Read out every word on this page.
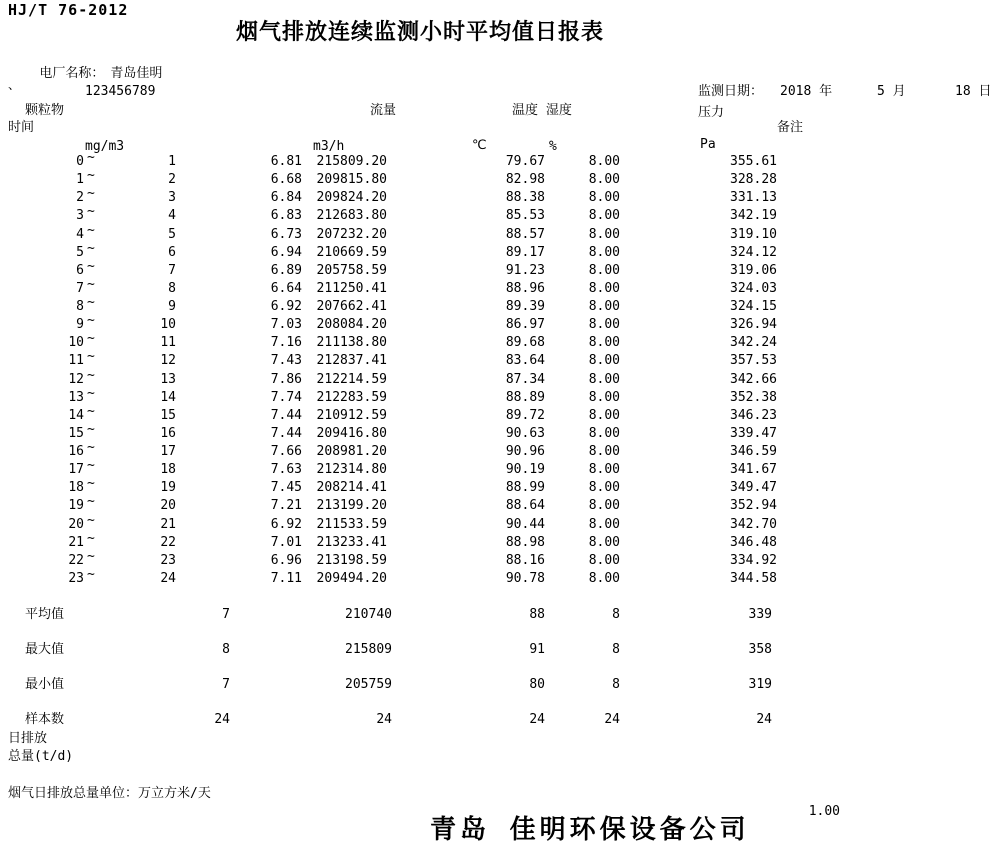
HJ/T 76-2012
烟气排放连续监测小时平均值日报表

电厂名称： 青岛佳明

、	123456789	监测日期： 2018 年	5 月	18 日
颗粒物	流量	温度 湿度	压力
时间	备注
mg/m3	m3/h	℃	%	Pa
0 ~	1	6.81	215809.20	79.67	8.00	355.61
1 ~	2	6.68	209815.80	82.98	8.00	328.28
2 ~	3	6.84	209824.20	88.38	8.00	331.13
3 ~	4	6.83	212683.80	85.53	8.00	342.19
4 ~	5	6.73	207232.20	88.57	8.00	319.10
5 ~	6	6.94	210669.59	89.17	8.00	324.12
6 ~	7	6.89	205758.59	91.23	8.00	319.06
7 ~	8	6.64	211250.41	88.96	8.00	324.03
8 ~	9	6.92	207662.41	89.39	8.00	324.15
9 ~	10	7.03	208084.20	86.97	8.00	326.94
10 ~	11	7.16	211138.80	89.68	8.00	342.24
11 ~	12	7.43	212837.41	83.64	8.00	357.53
12 ~	13	7.86	212214.59	87.34	8.00	342.66
13 ~	14	7.74	212283.59	88.89	8.00	352.38
14 ~	15	7.44	210912.59	89.72	8.00	346.23
15 ~	16	7.44	209416.80	90.63	8.00	339.47
16 ~	17	7.66	208981.20	90.96	8.00	346.59
17 ~	18	7.63	212314.80	90.19	8.00	341.67
18 ~	19	7.45	208214.41	88.99	8.00	349.47
19 ~	20	7.21	213199.20	88.64	8.00	352.94
20 ~	21	6.92	211533.59	90.44	8.00	342.70
21 ~	22	7.01	213233.41	88.98	8.00	346.48
22 ~	23	6.96	213198.59	88.16	8.00	334.92
23 ~	24	7.11	209494.20	90.78	8.00	344.58
平均值	7	210740	88	8	339
最大值	8	215809	91	8	358
最小值	7	205759	80	8	319
样本数	24	24	24	24	24
日排放
总量(t/d)
烟气日排放总量单位：万立方米/天
1.00
青岛 佳明环保设备公司
